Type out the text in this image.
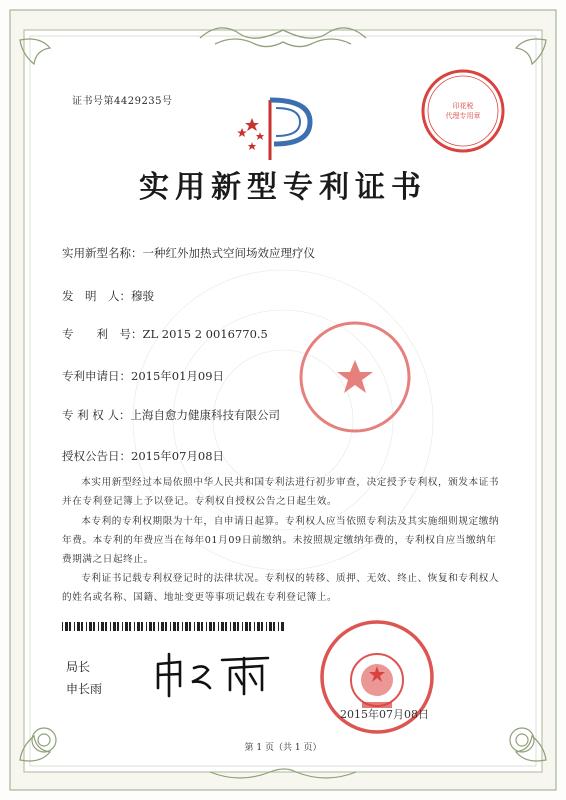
证书号第4429235号	印花税
代理专用章
实用新型专利证书
实用新型名称：一种红外加热式空间场效应理疗仪
发　明　人：穆骏
专　　利　号：ZL 2015 2 0016770.5
专利申请日：2015年01月09日
专 利 权 人：上海自愈力健康科技有限公司
授权公告日：2015年07月08日
本实用新型经过本局依照中华人民共和国专利法进行初步审查，决定授予专利权，颁发本证书并在专利登记簿上予以登记。专利权自授权公告之日起生效。
本专利的专利权期限为十年，自申请日起算。专利权人应当依照专利法及其实施细则规定缴纳年费。本专利的年费应当在每年01月09日前缴纳。未按照规定缴纳年费的，专利权自应当缴纳年费期满之日起终止。
专利证书记载专利权登记时的法律状况。专利权的转移、质押、无效、终止、恢复和专利权人的姓名或名称、国籍、地址变更等事项记载在专利登记簿上。
局长
申长雨
2015年07月08日
第 1 页（共 1 页）
